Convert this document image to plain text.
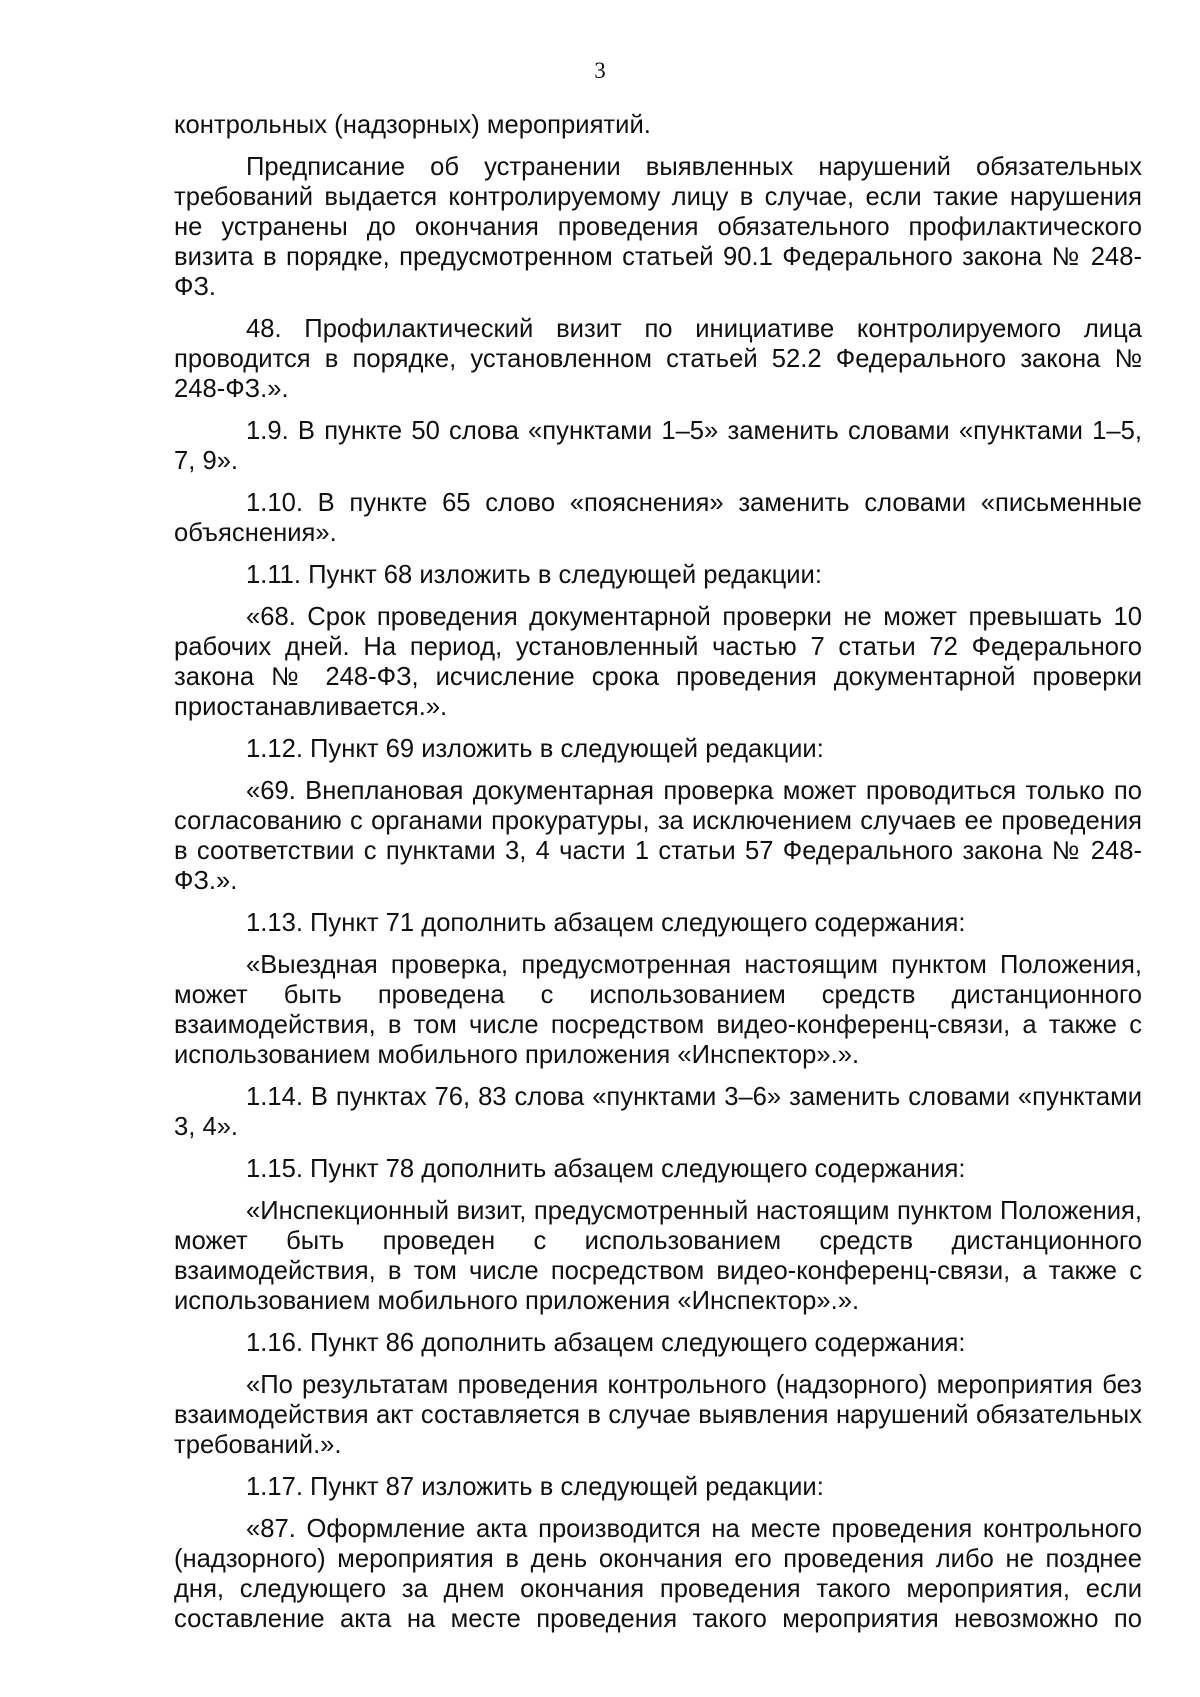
3

контрольных (надзорных) мероприятий.

Предписание об устранении выявленных нарушений обязательных требований выдается контролируемому лицу в случае, если такие нарушения не устранены до окончания проведения обязательного профилактического визита в порядке, предусмотренном статьей 90.1 Федерального закона № 248-ФЗ.

48. Профилактический визит по инициативе контролируемого лица проводится в порядке, установленном статьей 52.2 Федерального закона № 248-ФЗ.».

1.9. В пункте 50 слова «пунктами 1–5» заменить словами «пунктами 1–5, 7, 9».

1.10. В пункте 65 слово «пояснения» заменить словами «письменные объяснения».

1.11. Пункт 68 изложить в следующей редакции:

«68. Срок проведения документарной проверки не может превышать 10 рабочих дней. На период, установленный частью 7 статьи 72 Федерального закона № 248-ФЗ, исчисление срока проведения документарной проверки приостанавливается.».

1.12. Пункт 69 изложить в следующей редакции:

«69. Внеплановая документарная проверка может проводиться только по согласованию с органами прокуратуры, за исключением случаев ее проведения в соответствии с пунктами 3, 4 части 1 статьи 57 Федерального закона № 248-ФЗ.».

1.13. Пункт 71 дополнить абзацем следующего содержания:

«Выездная проверка, предусмотренная настоящим пунктом Положения, может быть проведена с использованием средств дистанционного взаимодействия, в том числе посредством видео-конференц-связи, а также с использованием мобильного приложения «Инспектор».».

1.14. В пунктах 76, 83 слова «пунктами 3–6» заменить словами «пунктами 3, 4».

1.15. Пункт 78 дополнить абзацем следующего содержания:

«Инспекционный визит, предусмотренный настоящим пунктом Положения, может быть проведен с использованием средств дистанционного взаимодействия, в том числе посредством видео-конференц-связи, а также с использованием мобильного приложения «Инспектор».».

1.16. Пункт 86 дополнить абзацем следующего содержания:

«По результатам проведения контрольного (надзорного) мероприятия без взаимодействия акт составляется в случае выявления нарушений обязательных требований.».

1.17. Пункт 87 изложить в следующей редакции:

«87. Оформление акта производится на месте проведения контрольного (надзорного) мероприятия в день окончания его проведения либо не позднее дня, следующего за днем окончания проведения такого мероприятия, если составление акта на месте проведения такого мероприятия невозможно по
